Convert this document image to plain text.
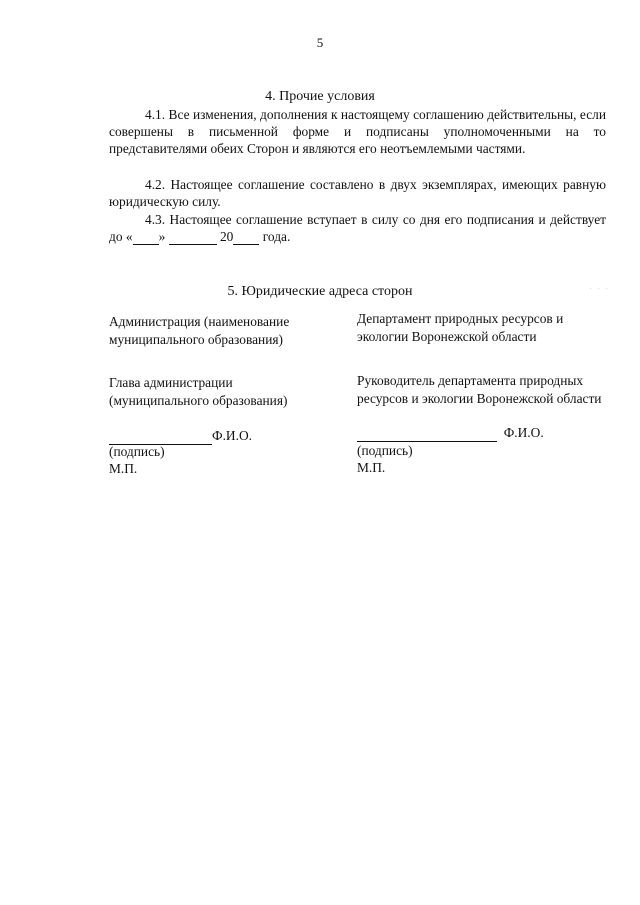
5
4. Прочие условия

4.1. Все изменения, дополнения к настоящему соглашению действительны, если совершены в письменной форме и подписаны уполномоченными на то представителями обеих Сторон и являются его неотъемлемыми частями.

4.2. Настоящее соглашение составлено в двух экземплярах, имеющих равную юридическую силу.

4.3. Настоящее соглашение вступает в силу со дня его подписания и действует до « »	20 года.

5. Юридические адреса сторон	· · ·
Администрация (наименование муниципального образования)
Глава администрации (муниципального образования)
Ф.И.О.
(подпись)
М.П.
Департамент природных ресурсов и экологии Воронежской области
Руководитель департамента природных ресурсов и экологии Воронежской области
Ф.И.О.
(подпись)
М.П.
